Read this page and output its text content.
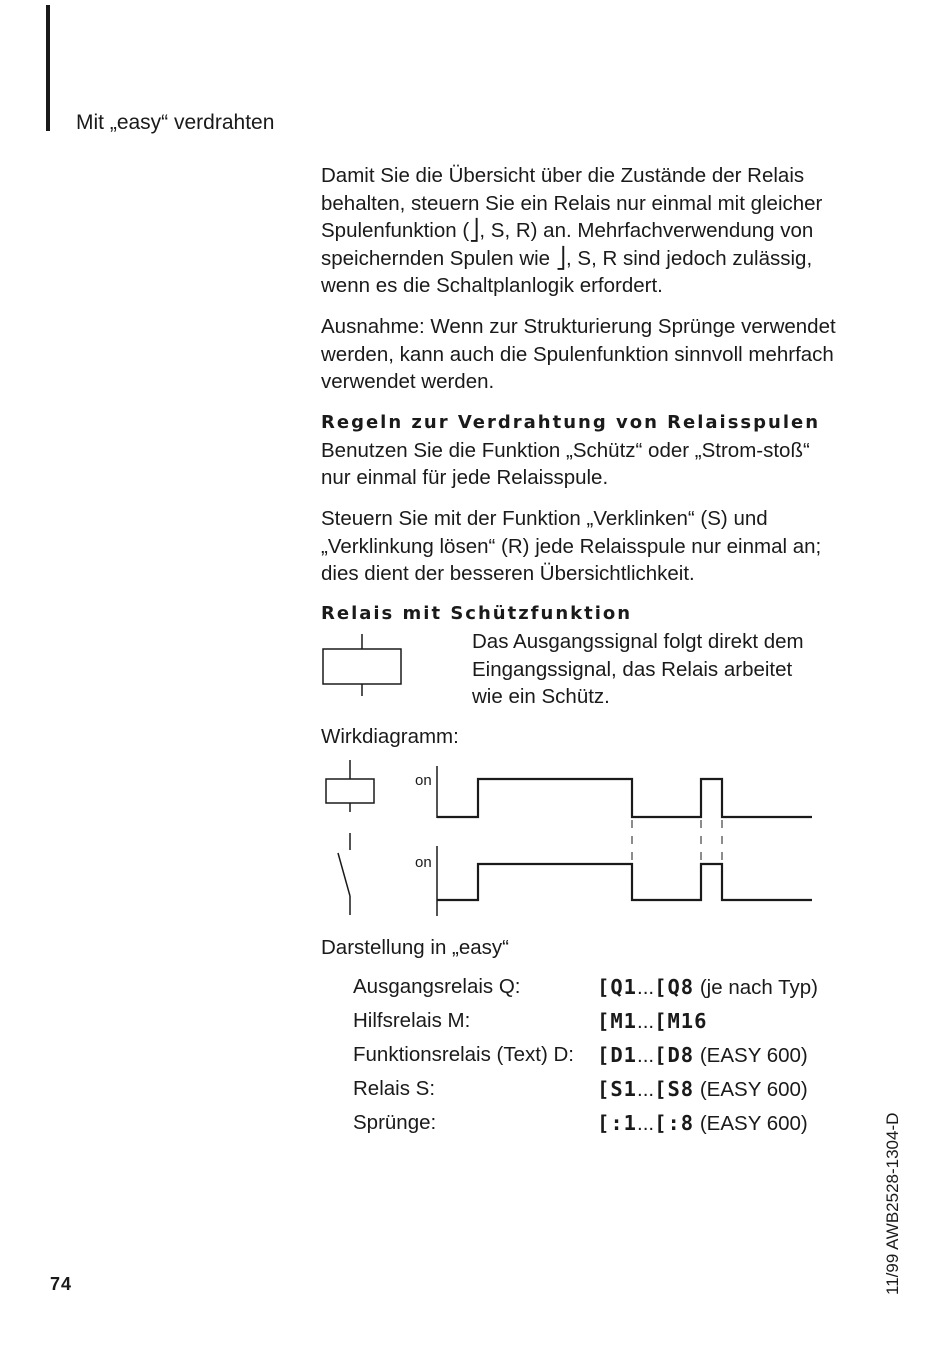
Mit „easy“ verdrahten

Damit Sie die Übersicht über die Zustände der Relais behalten, steuern Sie ein Relais nur einmal mit gleicher Spulenfunktion (⎦, S, R) an. Mehrfachverwendung von speichernden Spulen wie ⎦, S, R sind jedoch zulässig, wenn es die Schaltplanlogik erfordert.

Ausnahme: Wenn zur Strukturierung Sprünge verwendet werden, kann auch die Spulenfunktion sinnvoll mehrfach verwendet werden.

Regeln zur Verdrahtung von Relaisspulen

Benutzen Sie die Funktion „Schütz“ oder „Strom-stoß“ nur einmal für jede Relaisspule.

Steuern Sie mit der Funktion „Verklinken“ (S) und „Verklinkung lösen“ (R) jede Relaisspule nur einmal an; dies dient der besseren Übersichtlichkeit.

Relais mit Schützfunktion
Das Ausgangssignal folgt direkt dem
Eingangssignal, das Relais arbeitet
wie ein Schütz.
Wirkdiagramm:
on
on
Darstellung in „easy“
Ausgangsrelais Q:	[Q1...[Q8 (je nach Typ)
Hilfsrelais M:	[M1...[M16
Funktionsrelais (Text) D: [D1...[D8 (EASY 600)
Relais S:	[S1...[S8 (EASY 600)
Sprünge:	[:1...[:8 (EASY 600)
74	11/99 AWB2528-1304-D
